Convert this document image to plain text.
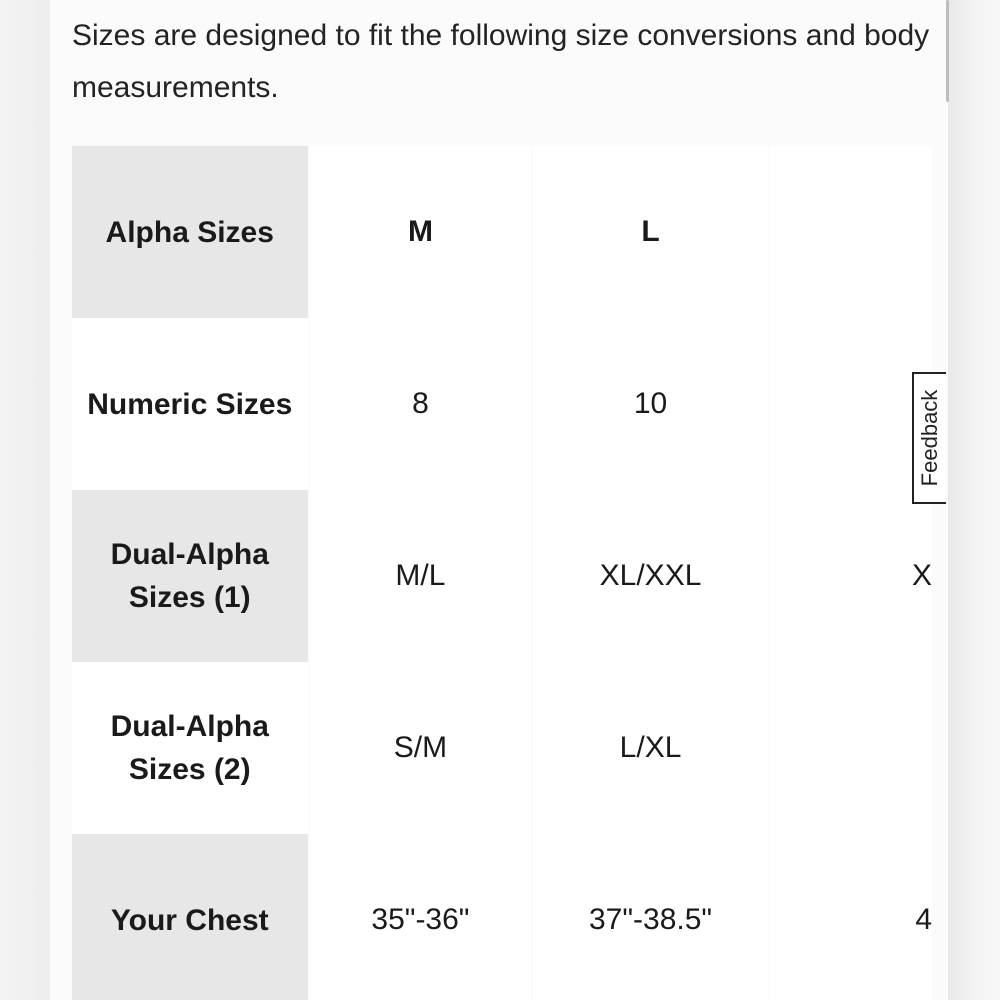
Sizes are designed to fit the following size conversions and body measurements.

Alpha Sizes	M	L	
Numeric Sizes	8	10	
Dual-Alpha Sizes (1)	M/L	XL/XXL	X
Dual-Alpha Sizes (2)	S/M	L/XL	
Your Chest	35"-36"	37"-38.5"	4
Feedback
